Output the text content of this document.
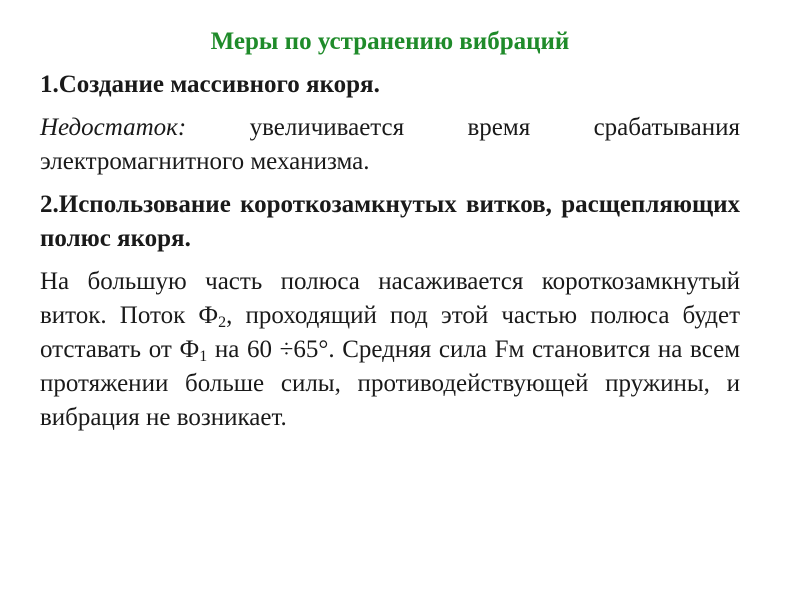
Меры по устранению вибраций
1.Создание массивного якоря.
Недостаток: увеличивается время срабатывания электромагнитного механизма.
2.Использование короткозамкнутых витков, расщепляющих полюс якоря.
На большую часть полюса насаживается короткозамкнутый виток. Поток $Ф_2$, проходящий под этой частью полюса будет отставать от $Ф_1$ на 60 ÷65°. Средняя сила Fм становится на всем протяжении больше силы, противодействующей пружины, и вибрация не возникает.
